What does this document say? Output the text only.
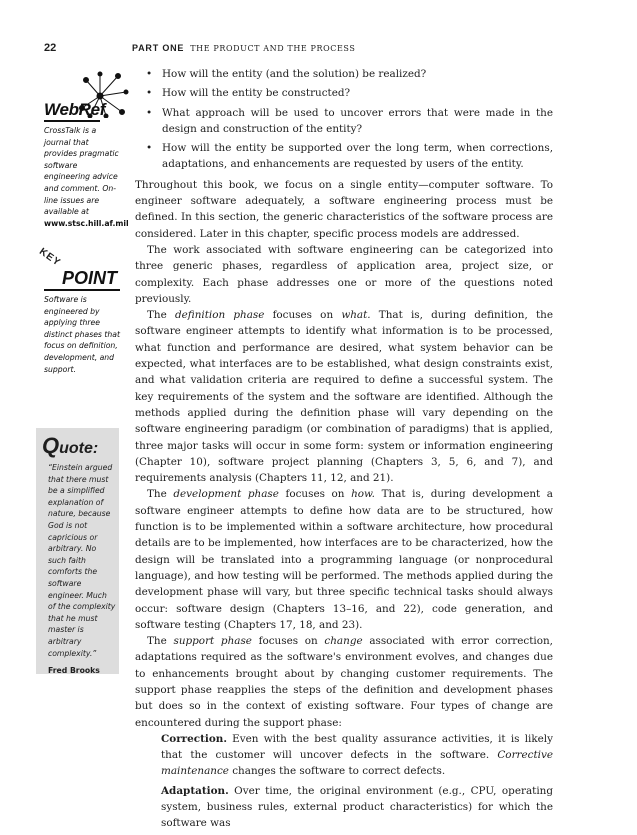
22	PART ONE THE PRODUCT AND THE PROCESS
WebRef
CrossTalk is a journal that provides pragmatic software engineering advice and comment. On-line issues are available at www.stsc.hill.af.mil
KEY
POINT
Software is engineered by applying three distinct phases that focus on definition, development, and support.
Quote:
“Einstein argued that there must be a simplified explanation of nature, because God is not capricious or arbitrary. No such faith comforts the software engineer. Much of the complexity that he must master is arbitrary complexity.”
Fred Brooks
• How will the entity (and the solution) be realized?
• How will the entity be constructed?
• What approach will be used to uncover errors that were made in the design and construction of the entity?
• How will the entity be supported over the long term, when corrections, adaptations, and enhancements are requested by users of the entity.

Throughout this book, we focus on a single entity—computer software. To engineer software adequately, a software engineering process must be defined. In this section, the generic characteristics of the software process are considered. Later in this chapter, specific process models are addressed.

The work associated with software engineering can be categorized into three generic phases, regardless of application area, project size, or complexity. Each phase addresses one or more of the questions noted previously.

The definition phase focuses on what. That is, during definition, the software engineer attempts to identify what information is to be processed, what function and performance are desired, what system behavior can be expected, what interfaces are to be established, what design constraints exist, and what validation criteria are required to define a successful system. The key requirements of the system and the software are identified. Although the methods applied during the definition phase will vary depending on the software engineering paradigm (or combination of paradigms) that is applied, three major tasks will occur in some form: system or information engineering (Chapter 10), software project planning (Chapters 3, 5, 6, and 7), and requirements analysis (Chapters 11, 12, and 21).

The development phase focuses on how. That is, during development a software engineer attempts to define how data are to be structured, how function is to be implemented within a software architecture, how procedural details are to be implemented, how interfaces are to be characterized, how the design will be translated into a programming language (or nonprocedural language), and how testing will be performed. The methods applied during the development phase will vary, but three specific technical tasks should always occur: software design (Chapters 13–16, and 22), code generation, and software testing (Chapters 17, 18, and 23).

The support phase focuses on change associated with error correction, adaptations required as the software's environment evolves, and changes due to enhancements brought about by changing customer requirements. The support phase reapplies the steps of the definition and development phases but does so in the context of existing software. Four types of change are encountered during the support phase:

Correction. Even with the best quality assurance activities, it is likely that the customer will uncover defects in the software. Corrective maintenance changes the software to correct defects.

Adaptation. Over time, the original environment (e.g., CPU, operating system, business rules, external product characteristics) for which the software was
